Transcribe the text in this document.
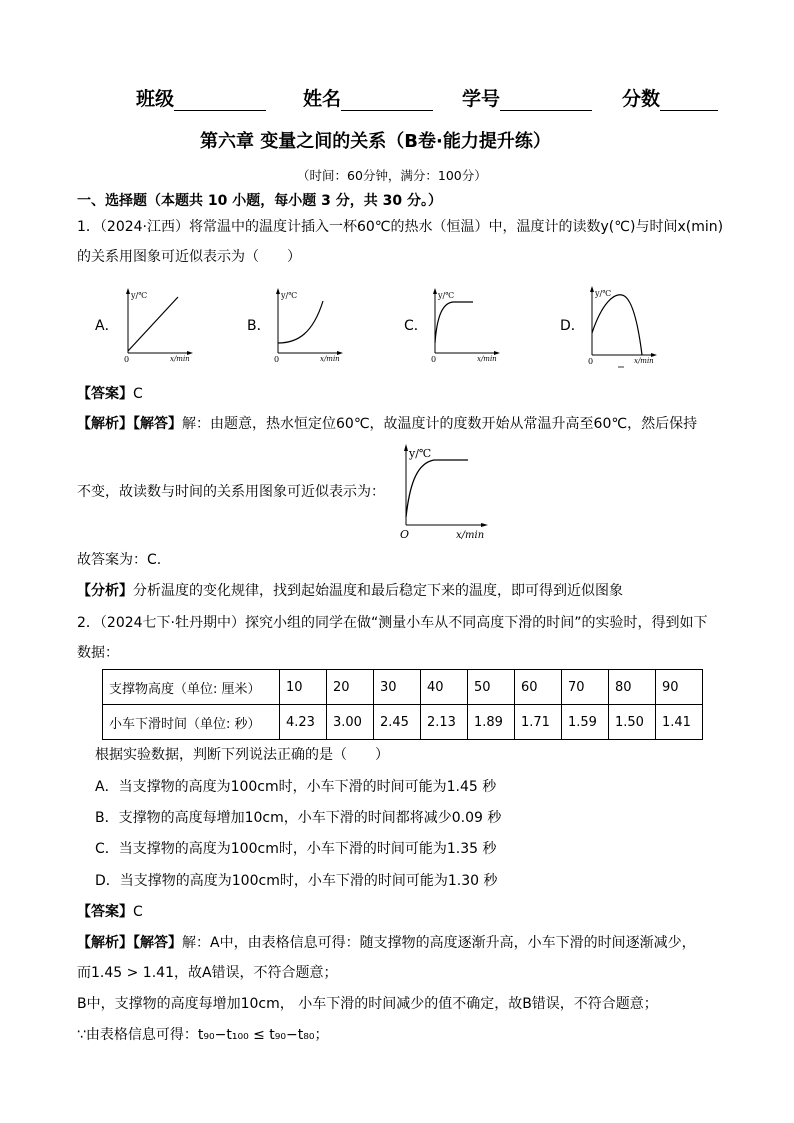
班级	姓名	学号	分数
第六章 变量之间的关系（B卷·能力提升练）
（时间：60分钟，满分：100分）
一、选择题（本题共 10 小题，每小题 3 分，共 30 分。）
1．（2024·江西）将常温中的温度计插入一杯60℃的热水（恒温）中，温度计的读数y(℃)与时间x(min)
的关系用图象可近似表示为（　　）
A．
y/℃
x/min
0
B．
y/℃
x/min
0
C．
y/℃
x/min
0
D．
y/℃
x/min
0
【答案】C
【解析】【解答】解：由题意，热水恒定位60℃，故温度计的度数开始从常温升高至60℃，然后保持
不变，故读数与时间的关系用图象可近似表示为：
y/℃
x/min
O
故答案为：C.
【分析】分析温度的变化规律，找到起始温度和最后稳定下来的温度，即可得到近似图象
2．（2024七下·牡丹期中）探究小组的同学在做“测量小车从不同高度下滑的时间”的实验时，得到如下
数据：
支撑物高度（单位: 厘米）	10	20	30	40	50	60	70	80	90
小车下滑时间（单位: 秒）	4.23	3.00	2.45	2.13	1.89	1.71	1.59	1.50	1.41
根据实验数据，判断下列说法正确的是（　　）
A．当支撑物的高度为100cm时，小车下滑的时间可能为1.45 秒
B．支撑物的高度每增加10cm，小车下滑的时间都将减少0.09 秒
C．当支撑物的高度为100cm时，小车下滑的时间可能为1.35 秒
D．当支撑物的高度为100cm时，小车下滑的时间可能为1.30 秒
【答案】C
【解析】【解答】解：A中，由表格信息可得：随支撑物的高度逐渐升高，小车下滑的时间逐渐减少，
而1.45 > 1.41，故A错误，不符合题意；
B中，支撑物的高度每增加10cm， 小车下滑的时间减少的值不确定，故B错误，不符合题意；
∵由表格信息可得：t₉₀−t₁₀₀ ≤ t₉₀−t₈₀；
